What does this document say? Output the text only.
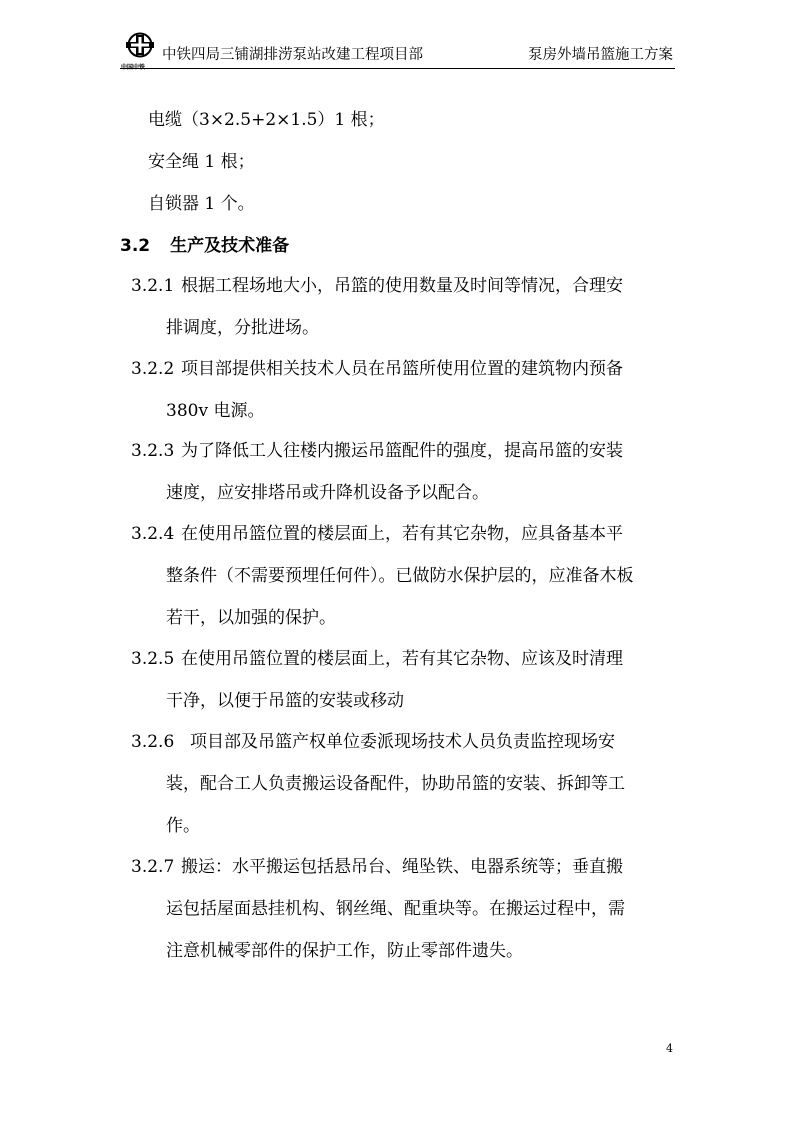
中国中铁
中铁四局三铺湖排涝泵站改建工程项目部	泵房外墙吊篮施工方案
电缆（3×2.5+2×1.5）1 根；
安全绳 1 根；
自锁器 1 个。
3.2 生产及技术准备
3.2.1 根据工程场地大小，吊篮的使用数量及时间等情况，合理安
排调度，分批进场。
3.2.2 项目部提供相关技术人员在吊篮所使用位置的建筑物内预备
380v 电源。
3.2.3 为了降低工人往楼内搬运吊篮配件的强度，提高吊篮的安装
速度，应安排塔吊或升降机设备予以配合。
3.2.4 在使用吊篮位置的楼层面上，若有其它杂物，应具备基本平
整条件（不需要预埋任何件）。已做防水保护层的，应准备木板
若干，以加强的保护。
3.2.5 在使用吊篮位置的楼层面上，若有其它杂物、应该及时清理
干净，以便于吊篮的安装或移动
3.2.6 项目部及吊篮产权单位委派现场技术人员负责监控现场安
装，配合工人负责搬运设备配件，协助吊篮的安装、拆卸等工
作。
3.2.7 搬运：水平搬运包括悬吊台、绳坠铁、电器系统等；垂直搬
运包括屋面悬挂机构、钢丝绳、配重块等。在搬运过程中，需
注意机械零部件的保护工作，防止零部件遗失。
4
